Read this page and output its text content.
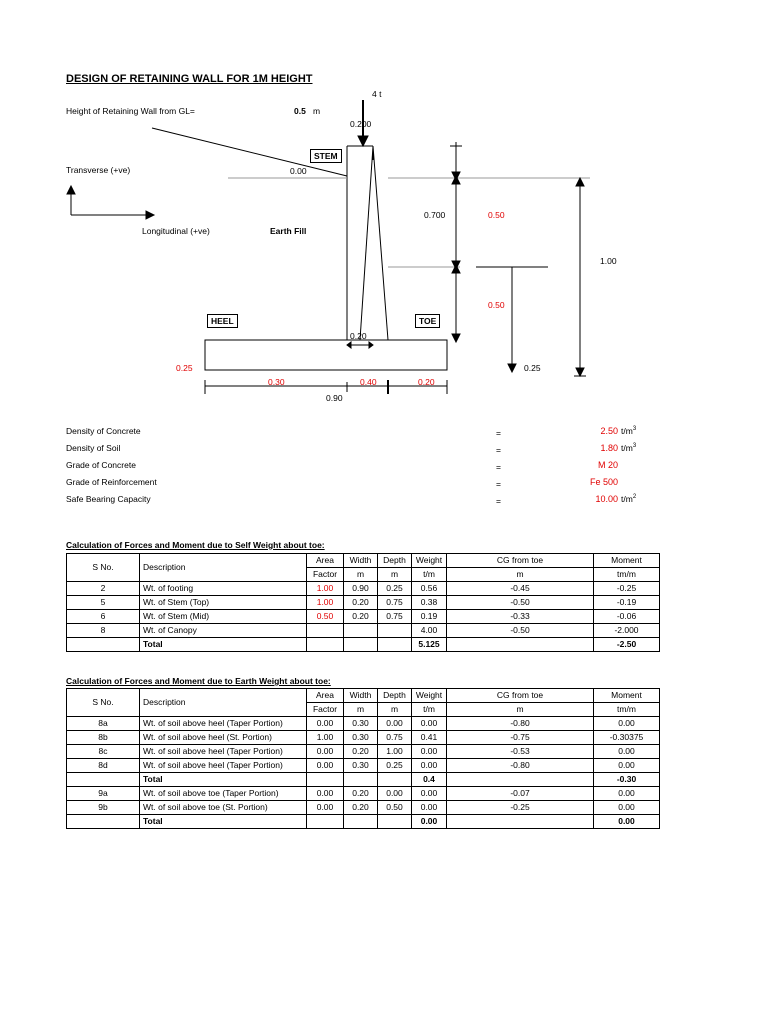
DESIGN OF RETAINING WALL FOR 1M HEIGHT
Height of Retaining Wall from GL=	0.5 m
4 t
0.200
STEM
Transverse (+ve)	0.00
Longitudinal (+ve)	Earth Fill
0.700	0.50
1.00
0.50
HEEL	TOE
0.20
0.25	0.25
0.30	0.40	0.20
0.90
Density of Concrete	=	2.50 $t/m^3$
Density of Soil	=	1.80 $t/m^3$
Grade of Concrete	=	M 20
Grade of Reinforcement	=	Fe 500
Safe Bearing Capacity	=	10.00 $t/m^2$
Calculation of Forces and Moment due to Self Weight about toe:
S No.	Description	Area	Width	Depth	Weight	CG from toe	Moment
		Factor	m	m	t/m	m	tm/m
2	Wt. of footing	1.00	0.90	0.25	0.56	-0.45	-0.25
5	Wt. of Stem (Top)	1.00	0.20	0.75	0.38	-0.50	-0.19
6	Wt. of Stem (Mid)	0.50	0.20	0.75	0.19	-0.33	-0.06
8	Wt. of Canopy				4.00	-0.50	-2.000
	Total				5.125		-2.50
Calculation of Forces and Moment due to Earth Weight about toe:
S No.	Description	Area	Width	Depth	Weight	CG from toe	Moment
		Factor	m	m	t/m	m	tm/m
8a	Wt. of soil above heel (Taper Portion)	0.00	0.30	0.00	0.00	-0.80	0.00
8b	Wt. of soil above heel (St. Portion)	1.00	0.30	0.75	0.41	-0.75	-0.30375
8c	Wt. of soil above heel (Taper Portion)	0.00	0.20	1.00	0.00	-0.53	0.00
8d	Wt. of soil above heel (Taper Portion)	0.00	0.30	0.25	0.00	-0.80	0.00
	Total				0.4		-0.30
9a	Wt. of soil above toe (Taper Portion)	0.00	0.20	0.00	0.00	-0.07	0.00
9b	Wt. of soil above toe (St. Portion)	0.00	0.20	0.50	0.00	-0.25	0.00
	Total				0.00		0.00
